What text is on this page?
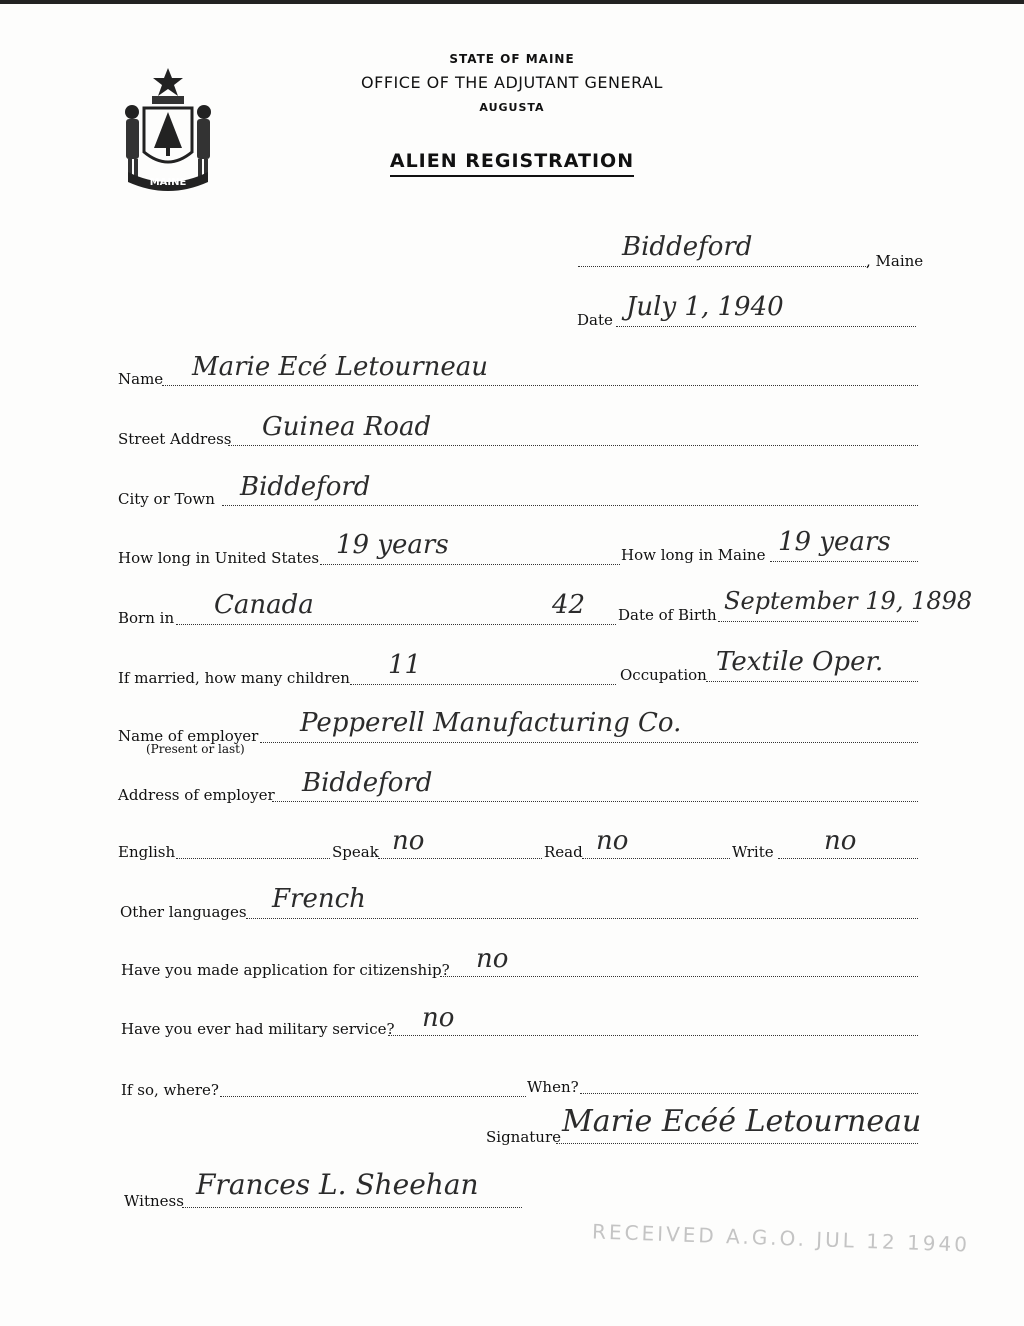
MAINE
STATE OF MAINE
OFFICE OF THE ADJUTANT GENERAL
AUGUSTA
ALIEN REGISTRATION
Biddeford	, Maine
Date July 1, 1940
Name Marie Ecé Letourneau
Street Address Guinea Road
City or Town Biddeford
How long in United States 19 years	How long in Maine 19 years
Born in Canada	42 Date of Birth September 19, 1898
If married, how many children 11	Occupation Textile Oper.
Name of employer
(Present or last)
Pepperell Manufacturing Co.
Address of employer Biddeford
English	Speak no	Read no	Write no
Other languages French
Have you made application for citizenship? no
Have you ever had military service? no
If so, where?	When?
Signature Marie Ecéé Letourneau
Witness Frances L. Sheehan
RECEIVED A.G.O. JUL 12 1940
